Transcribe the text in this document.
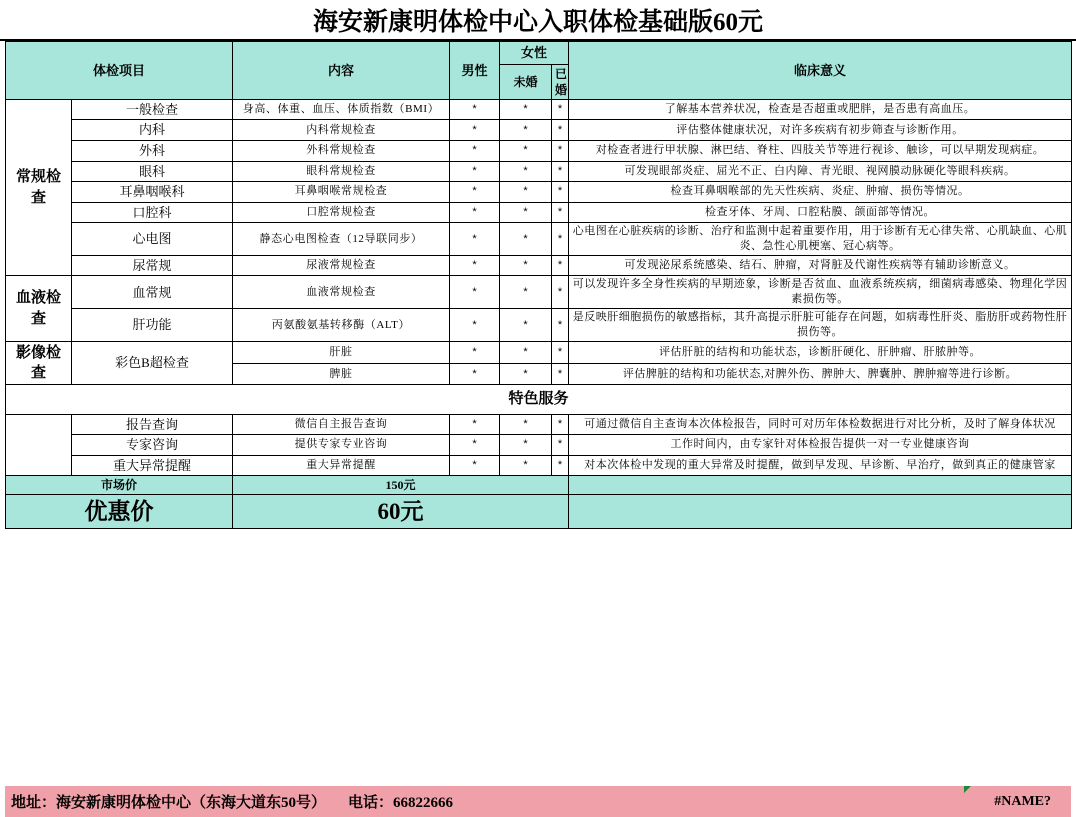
海安新康明体检中心入职体检基础版60元
体检项目		内容	男性	女性		临床意义
				未婚	已婚	
常规检查	一般检查	身高、体重、血压、体质指数（BMI）	*	*	*	了解基本营养状况，检查是否超重或肥胖，是否患有高血压。
	内科	内科常规检查	*	*	*	评估整体健康状况，对许多疾病有初步筛查与诊断作用。
	外科	外科常规检查	*	*	*	对检查者进行甲状腺、淋巴结、脊柱、四肢关节等进行视诊、触诊，可以早期发现病症。
	眼科	眼科常规检查	*	*	*	可发现眼部炎症、屈光不正、白内障、青光眼、视网膜动脉硬化等眼科疾病。
	耳鼻咽喉科	耳鼻咽喉常规检查	*	*	*	检查耳鼻咽喉部的先天性疾病、炎症、肿瘤、损伤等情况。
	口腔科	口腔常规检查	*	*	*	检查牙体、牙周、口腔粘膜、颌面部等情况。
	心电图	静态心电图检查（12导联同步）	*	*	*	心电图在心脏疾病的诊断、治疗和监测中起着重要作用，用于诊断有无心律失常、心肌缺血、心肌炎、急性心肌梗塞、冠心病等。
	尿常规	尿液常规检查	*	*	*	可发现泌尿系统感染、结石、肿瘤，对肾脏及代谢性疾病等有辅助诊断意义。
血液检查	血常规	血液常规检查	*	*	*	可以发现许多全身性疾病的早期迹象，诊断是否贫血、血液系统疾病，细菌病毒感染、物理化学因素损伤等。
	肝功能	丙氨酸氨基转移酶（ALT）	*	*	*	是反映肝细胞损伤的敏感指标，其升高提示肝脏可能存在问题，如病毒性肝炎、脂肪肝或药物性肝损伤等。
影像检查	彩色B超检查	肝脏	*	*	*	评估肝脏的结构和功能状态，诊断肝硬化、肝肿瘤、肝脓肿等。
		脾脏	*	*	*	评估脾脏的结构和功能状态,对脾外伤、脾肿大、脾囊肿、脾肿瘤等进行诊断。
特色服务						
	报告查询	微信自主报告查询	*	*	*	可通过微信自主查询本次体检报告，同时可对历年体检数据进行对比分析，及时了解身体状况
	专家咨询	提供专家专业咨询	*	*	*	工作时间内，由专家针对体检报告提供一对一专业健康咨询
	重大异常提醒	重大异常提醒	*	*	*	对本次体检中发现的重大异常及时提醒，做到早发现、早诊断、早治疗，做到真正的健康管家
市场价		150元				
优惠价		60元				
地址：海安新康明体检中心（东海大道东50号） 电话：66822666	#NAME?
